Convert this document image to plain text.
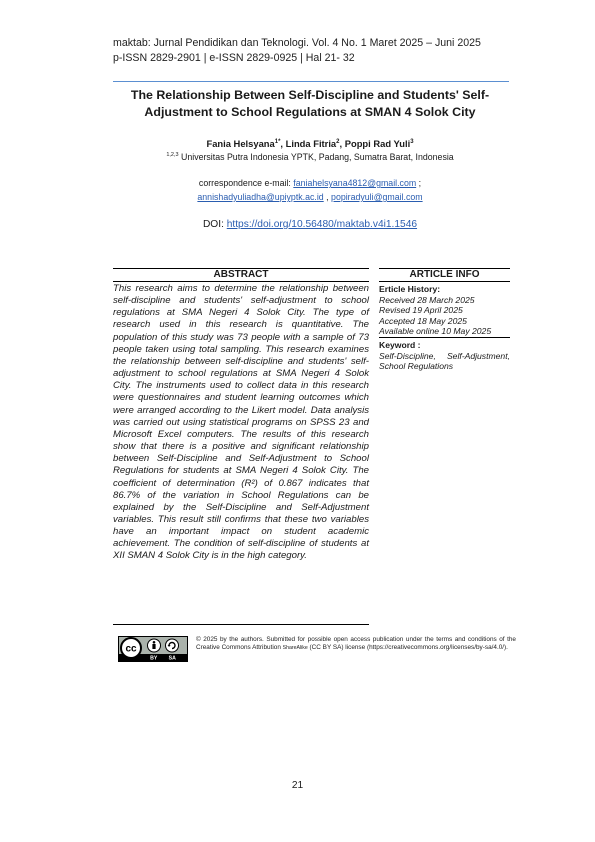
maktab: Jurnal Pendidikan dan Teknologi. Vol. 4 No. 1 Maret 2025 – Juni 2025
p-ISSN 2829-2901 | e-ISSN 2829-0925 | Hal 21- 32
The Relationship Between Self-Discipline and Students' Self-
Adjustment to School Regulations at SMAN 4 Solok City
Fania Helsyana$^{1*}$, Linda Fitria$^2$, Poppi Rad Yuli$^3$
$^{1,2,3}$ Universitas Putra Indonesia YPTK, Padang, Sumatra Barat, Indonesia
correspondence e-mail: faniahelsyana4812@gmail.com ;
annishadyuliadha@upiyptk.ac.id , popiradyuli@gmail.com
DOI: https://doi.org/10.56480/maktab.v4i1.1546
ABSTRACT
This research aims to determine the relationship between self-discipline and students' self-adjustment to school regulations at SMA Negeri 4 Solok City. The type of research used in this research is quantitative. The population of this study was 73 people with a sample of 73 people taken using total sampling. This research examines the relationship between self-discipline and students' self-adjustment to school regulations at SMA Negeri 4 Solok City. The instruments used to collect data in this research were questionnaires and student learning outcomes which were arranged according to the Likert model. Data analysis was carried out using statistical programs on SPSS 23 and Microsoft Excel computers. The results of this research show that there is a positive and significant relationship between Self-Discipline and Self-Adjustment to School Regulations for students at SMA Negeri 4 Solok City. The coefficient of determination (R²) of 0.867 indicates that 86.7% of the variation in School Regulations can be explained by the Self-Discipline and Self-Adjustment variables. This result still confirms that these two variables have an important impact on student academic achievement. The condition of self-discipline of students at XII SMAN 4 Solok City is in the high category.
ARTICLE INFO
Erticle History:
Received 28 March 2025
Revised 19 April 2025
Accepted 18 May 2025
Available online 10 May 2025
Keyword :
Self-Discipline, Self-Adjustment, School Regulations
cc
BY SA
© 2025 by the authors. Submitted for possible open access publication under the terms and conditions of the Creative Commons Attribution ShareAlike (CC BY SA) license (https://creativecommons.org/licenses/by-sa/4.0/).
21
